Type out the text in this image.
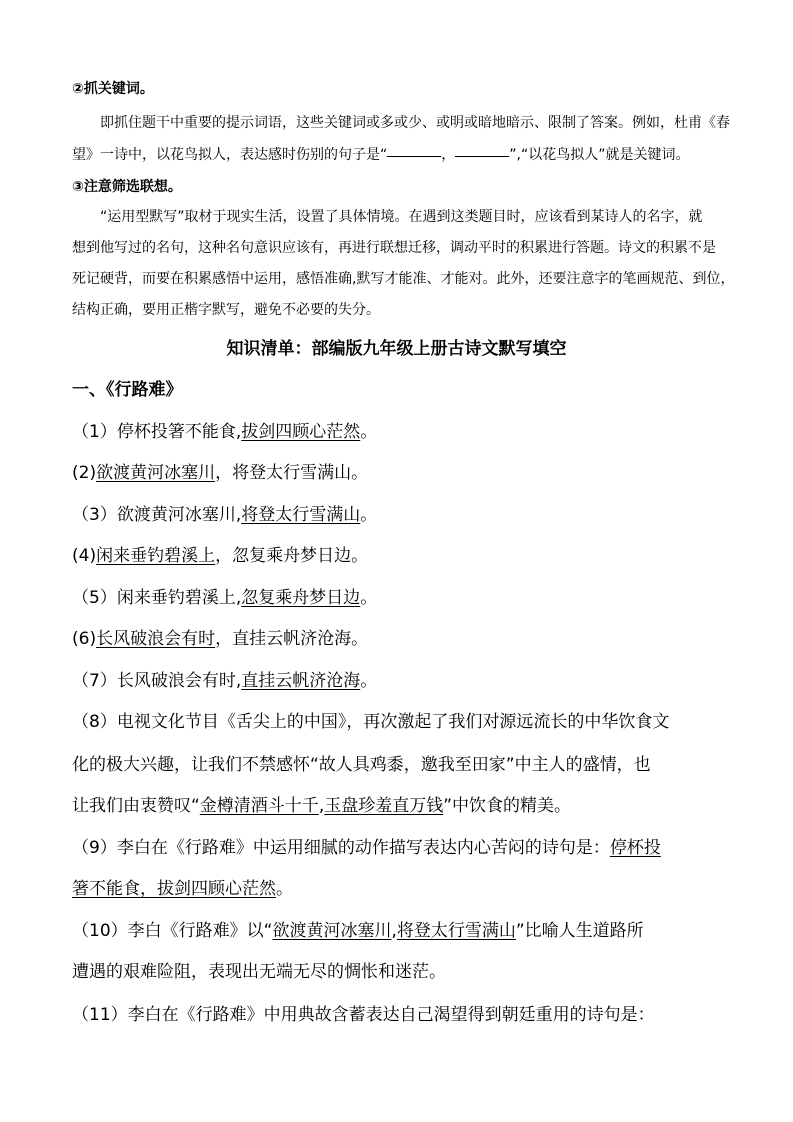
②抓关键词。
即抓住题干中重要的提示词语，这些关键词或多或少、或明或暗地暗示、限制了答案。例如，杜甫《春
望》一诗中，以花鸟拟人，表达感时伤别的句子是“	，	”,“以花鸟拟人”就是关键词。
③注意筛选联想。
“运用型默写”取材于现实生活，设置了具体情境。在遇到这类题目时，应该看到某诗人的名字，就
想到他写过的名句，这种名句意识应该有，再进行联想迁移，调动平时的积累进行答题。诗文的积累不是
死记硬背，而要在积累感悟中运用，感悟准确,默写才能准、才能对。此外，还要注意字的笔画规范、到位，
结构正确，要用正楷字默写，避免不必要的失分。
知识清单：部编版九年级上册古诗文默写填空
一、《行路难》
（1）停杯投箸不能食,拔剑四顾心茫然。
(2)欲渡黄河冰塞川，将登太行雪满山。
（3）欲渡黄河冰塞川,将登太行雪满山。
(4)闲来垂钓碧溪上，忽复乘舟梦日边。
（5）闲来垂钓碧溪上,忽复乘舟梦日边。
(6)长风破浪会有时，直挂云帆济沧海。
（7）长风破浪会有时,直挂云帆济沧海。
（8）电视文化节目《舌尖上的中国》，再次激起了我们对源远流长的中华饮食文
化的极大兴趣，让我们不禁感怀“故人具鸡黍，邀我至田家”中主人的盛情，也
让我们由衷赞叹“金樽清酒斗十千,玉盘珍羞直万钱”中饮食的精美。
（9）李白在《行路难》中运用细腻的动作描写表达内心苦闷的诗句是：停杯投
箸不能食，拔剑四顾心茫然。
（10）李白《行路难》以“欲渡黄河冰塞川,将登太行雪满山”比喻人生道路所
遭遇的艰难险阻，表现出无端无尽的惆怅和迷茫。
（11）李白在《行路难》中用典故含蓄表达自己渴望得到朝廷重用的诗句是：
